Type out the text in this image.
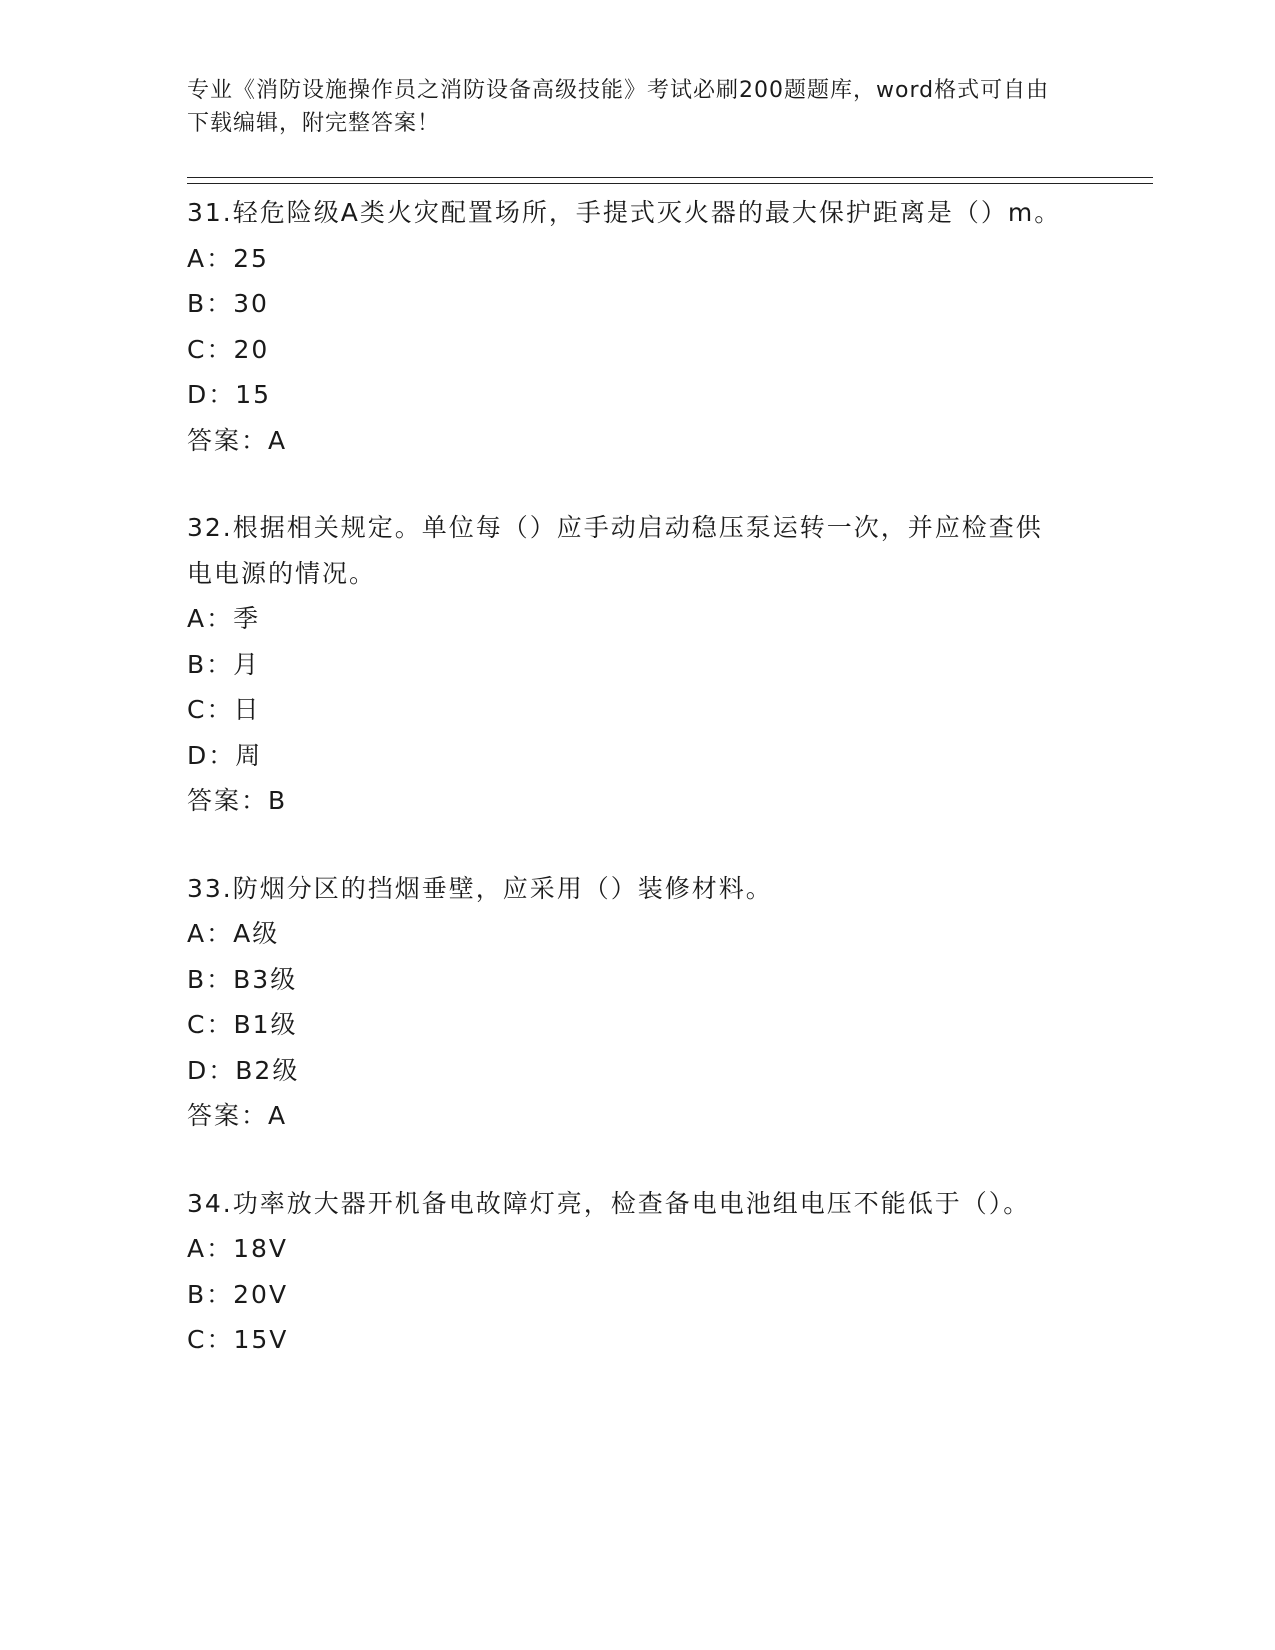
专业《消防设施操作员之消防设备高级技能》考试必刷200题题库，word格式可自由下载编辑，附完整答案！
31.轻危险级A类火灾配置场所，手提式灭火器的最大保护距离是（）m。
A： 25
B： 30
C： 20
D： 15
答案：A
32.根据相关规定。单位每（）应手动启动稳压泵运转一次，并应检查供电电源的情况。
A： 季
B： 月
C： 日
D： 周
答案：B
33.防烟分区的挡烟垂壁，应采用（）装修材料。
A： A级
B： B3级
C： B1级
D： B2级
答案：A
34.功率放大器开机备电故障灯亮，检查备电电池组电压不能低于（）。
A： 18V
B： 20V
C： 15V
